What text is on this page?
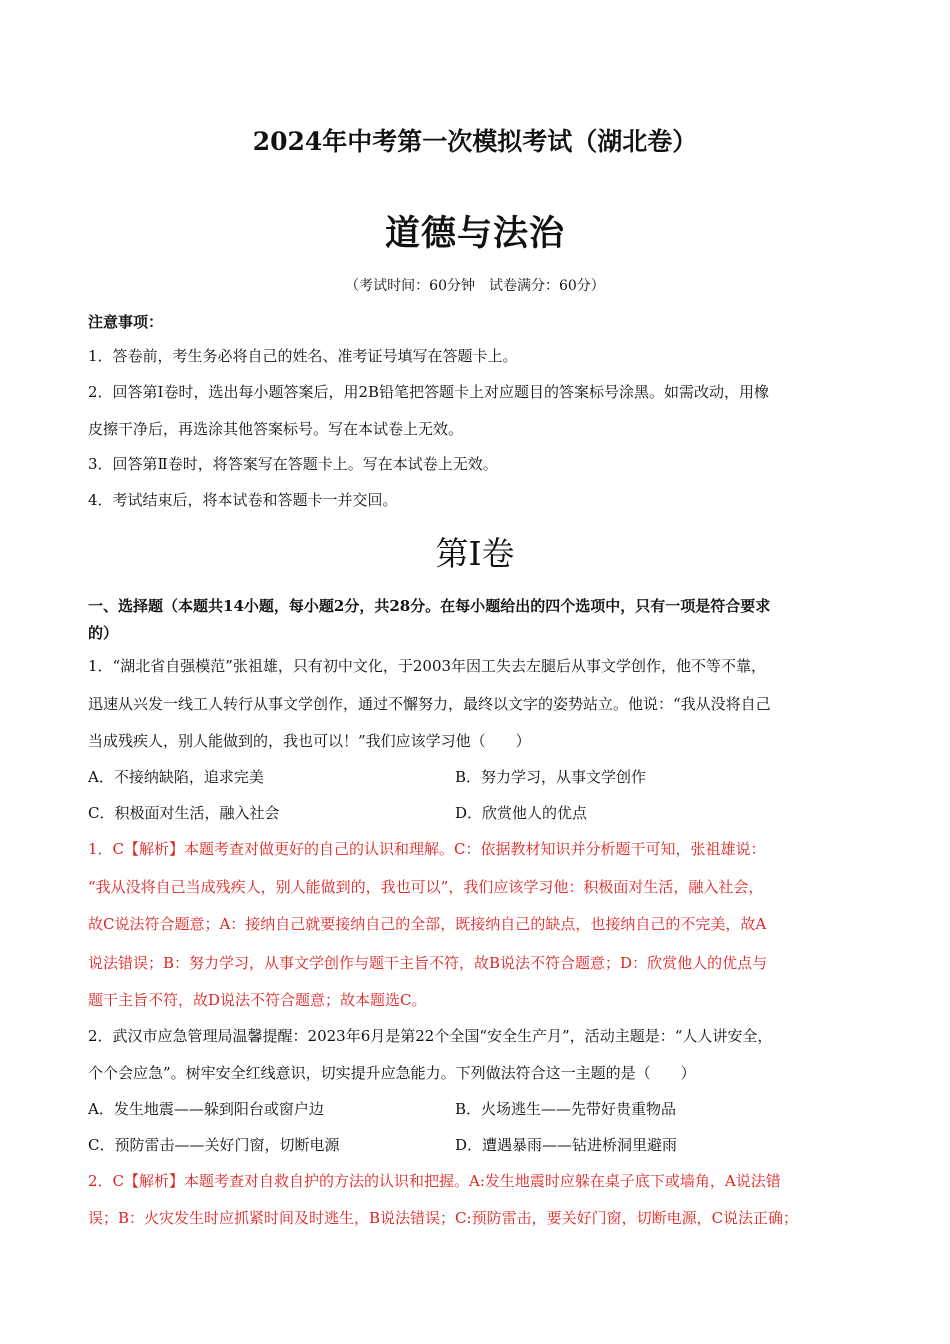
2024年中考第一次模拟考试（湖北卷）
道德与法治
（考试时间：60分钟　试卷满分：60分）
注意事项：
1．答卷前，考生务必将自己的姓名、准考证号填写在答题卡上。
2．回答第Ⅰ卷时，选出每小题答案后，用2B铅笔把答题卡上对应题目的答案标号涂黑。如需改动，用橡
皮擦干净后，再选涂其他答案标号。写在本试卷上无效。
3．回答第Ⅱ卷时，将答案写在答题卡上。写在本试卷上无效。
4．考试结束后，将本试卷和答题卡一并交回。
第Ⅰ卷
一、选择题（本题共14小题，每小题2分，共28分。在每小题给出的四个选项中，只有一项是符合要求
的）
1．“湖北省自强模范”张祖雄，只有初中文化，于2003年因工失去左腿后从事文学创作，他不等不靠，
迅速从兴发一线工人转行从事文学创作，通过不懈努力，最终以文字的姿势站立。他说：“我从没将自己
当成残疾人，别人能做到的，我也可以！”我们应该学习他（　　）
A．不接纳缺陷，追求完美	B．努力学习，从事文学创作
C．积极面对生活，融入社会	D．欣赏他人的优点
1．C【解析】本题考查对做更好的自己的认识和理解。C：依据教材知识并分析题干可知，张祖雄说：
“我从没将自己当成残疾人，别人能做到的，我也可以”，我们应该学习他：积极面对生活，融入社会，
故C说法符合题意；A：接纳自己就要接纳自己的全部，既接纳自己的缺点，也接纳自己的不完美，故A
说法错误；B：努力学习，从事文学创作与题干主旨不符，故B说法不符合题意；D：欣赏他人的优点与
题干主旨不符，故D说法不符合题意；故本题选C。
2．武汉市应急管理局温馨提醒：2023年6月是第22个全国“安全生产月”，活动主题是：“人人讲安全，
个个会应急”。树牢安全红线意识，切实提升应急能力。下列做法符合这一主题的是（　　）
A．发生地震——躲到阳台或窗户边	B．火场逃生——先带好贵重物品
C．预防雷击——关好门窗，切断电源	D．遭遇暴雨——钻进桥洞里避雨
2．C【解析】本题考查对自救自护的方法的认识和把握。A:发生地震时应躲在桌子底下或墙角，A说法错
误；B：火灾发生时应抓紧时间及时逃生，B说法错误；C:预防雷击，要关好门窗，切断电源，C说法正确；
